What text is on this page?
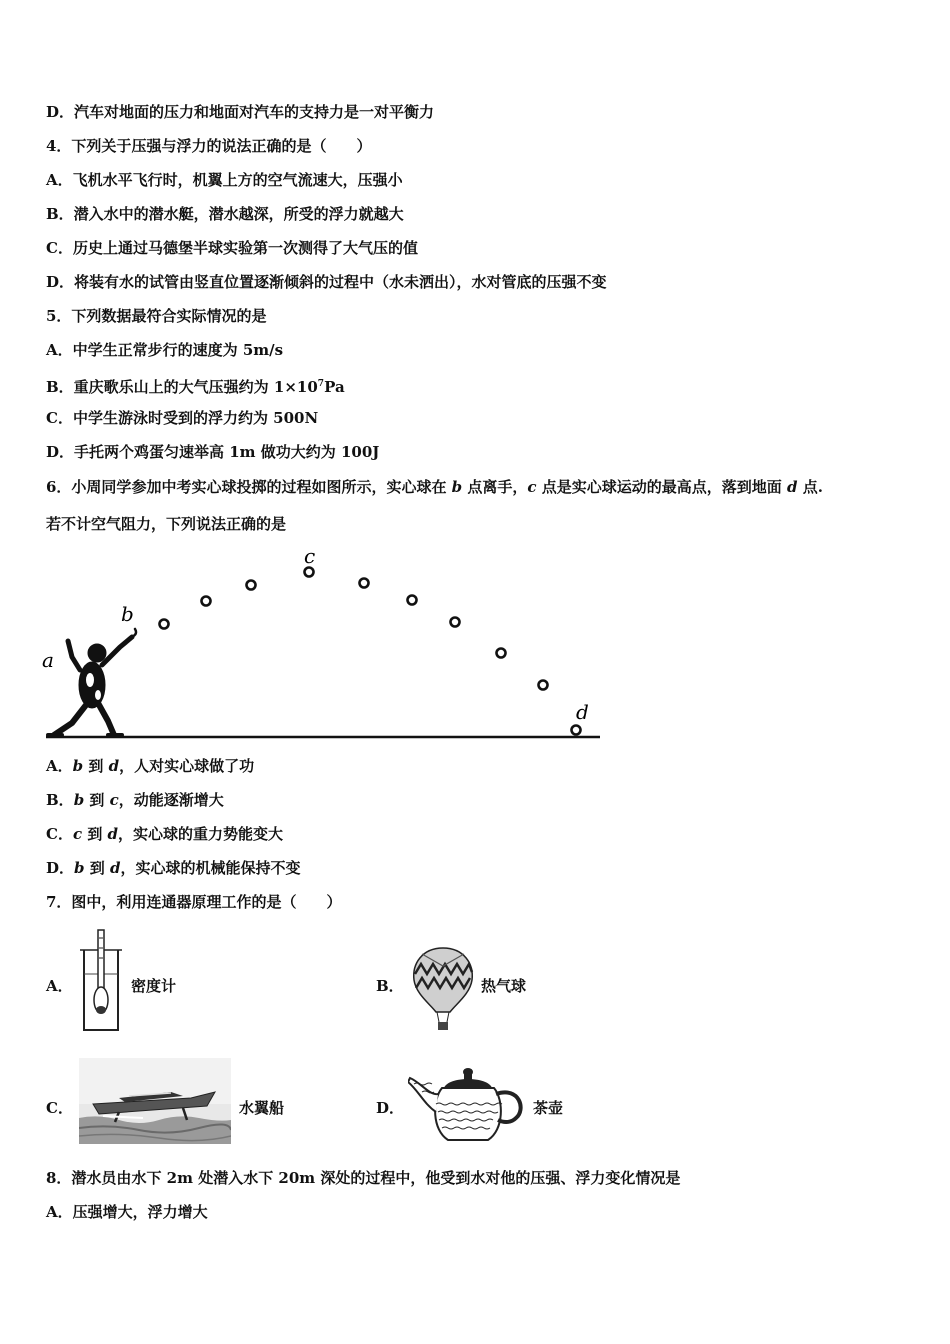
D．汽车对地面的压力和地面对汽车的支持力是一对平衡力
4．下列关于压强与浮力的说法正确的是（　　）
A．飞机水平飞行时，机翼上方的空气流速大，压强小
B．潜入水中的潜水艇，潜水越深，所受的浮力就越大
C．历史上通过马德堡半球实验第一次测得了大气压的值
D．将装有水的试管由竖直位置逐渐倾斜的过程中（水未洒出），水对管底的压强不变
5．下列数据最符合实际情况的是
A．中学生正常步行的速度为 5m/s
B．重庆歌乐山上的大气压强约为 $1\times 10^7Pa$
C．中学生游泳时受到的浮力约为 500N
D．手托两个鸡蛋匀速举高 1m 做功大约为 100J
6．小周同学参加中考实心球投掷的过程如图所示，实心球在 b 点离手，c 点是实心球运动的最高点，落到地面 d 点.
若不计空气阻力，下列说法正确的是
a
b
c
d
A．b 到 d，人对实心球做了功
B．b 到 c，动能逐渐增大
C．c 到 d，实心球的重力势能变大
D．b 到 d，实心球的机械能保持不变
7．图中，利用连通器原理工作的是（　　）
A．	密度计	B．	热气球
C．	水翼船	D．	茶壶
8．潜水员由水下 2m 处潜入水下 20m 深处的过程中，他受到水对他的压强、浮力变化情况是
A．压强增大，浮力增大
